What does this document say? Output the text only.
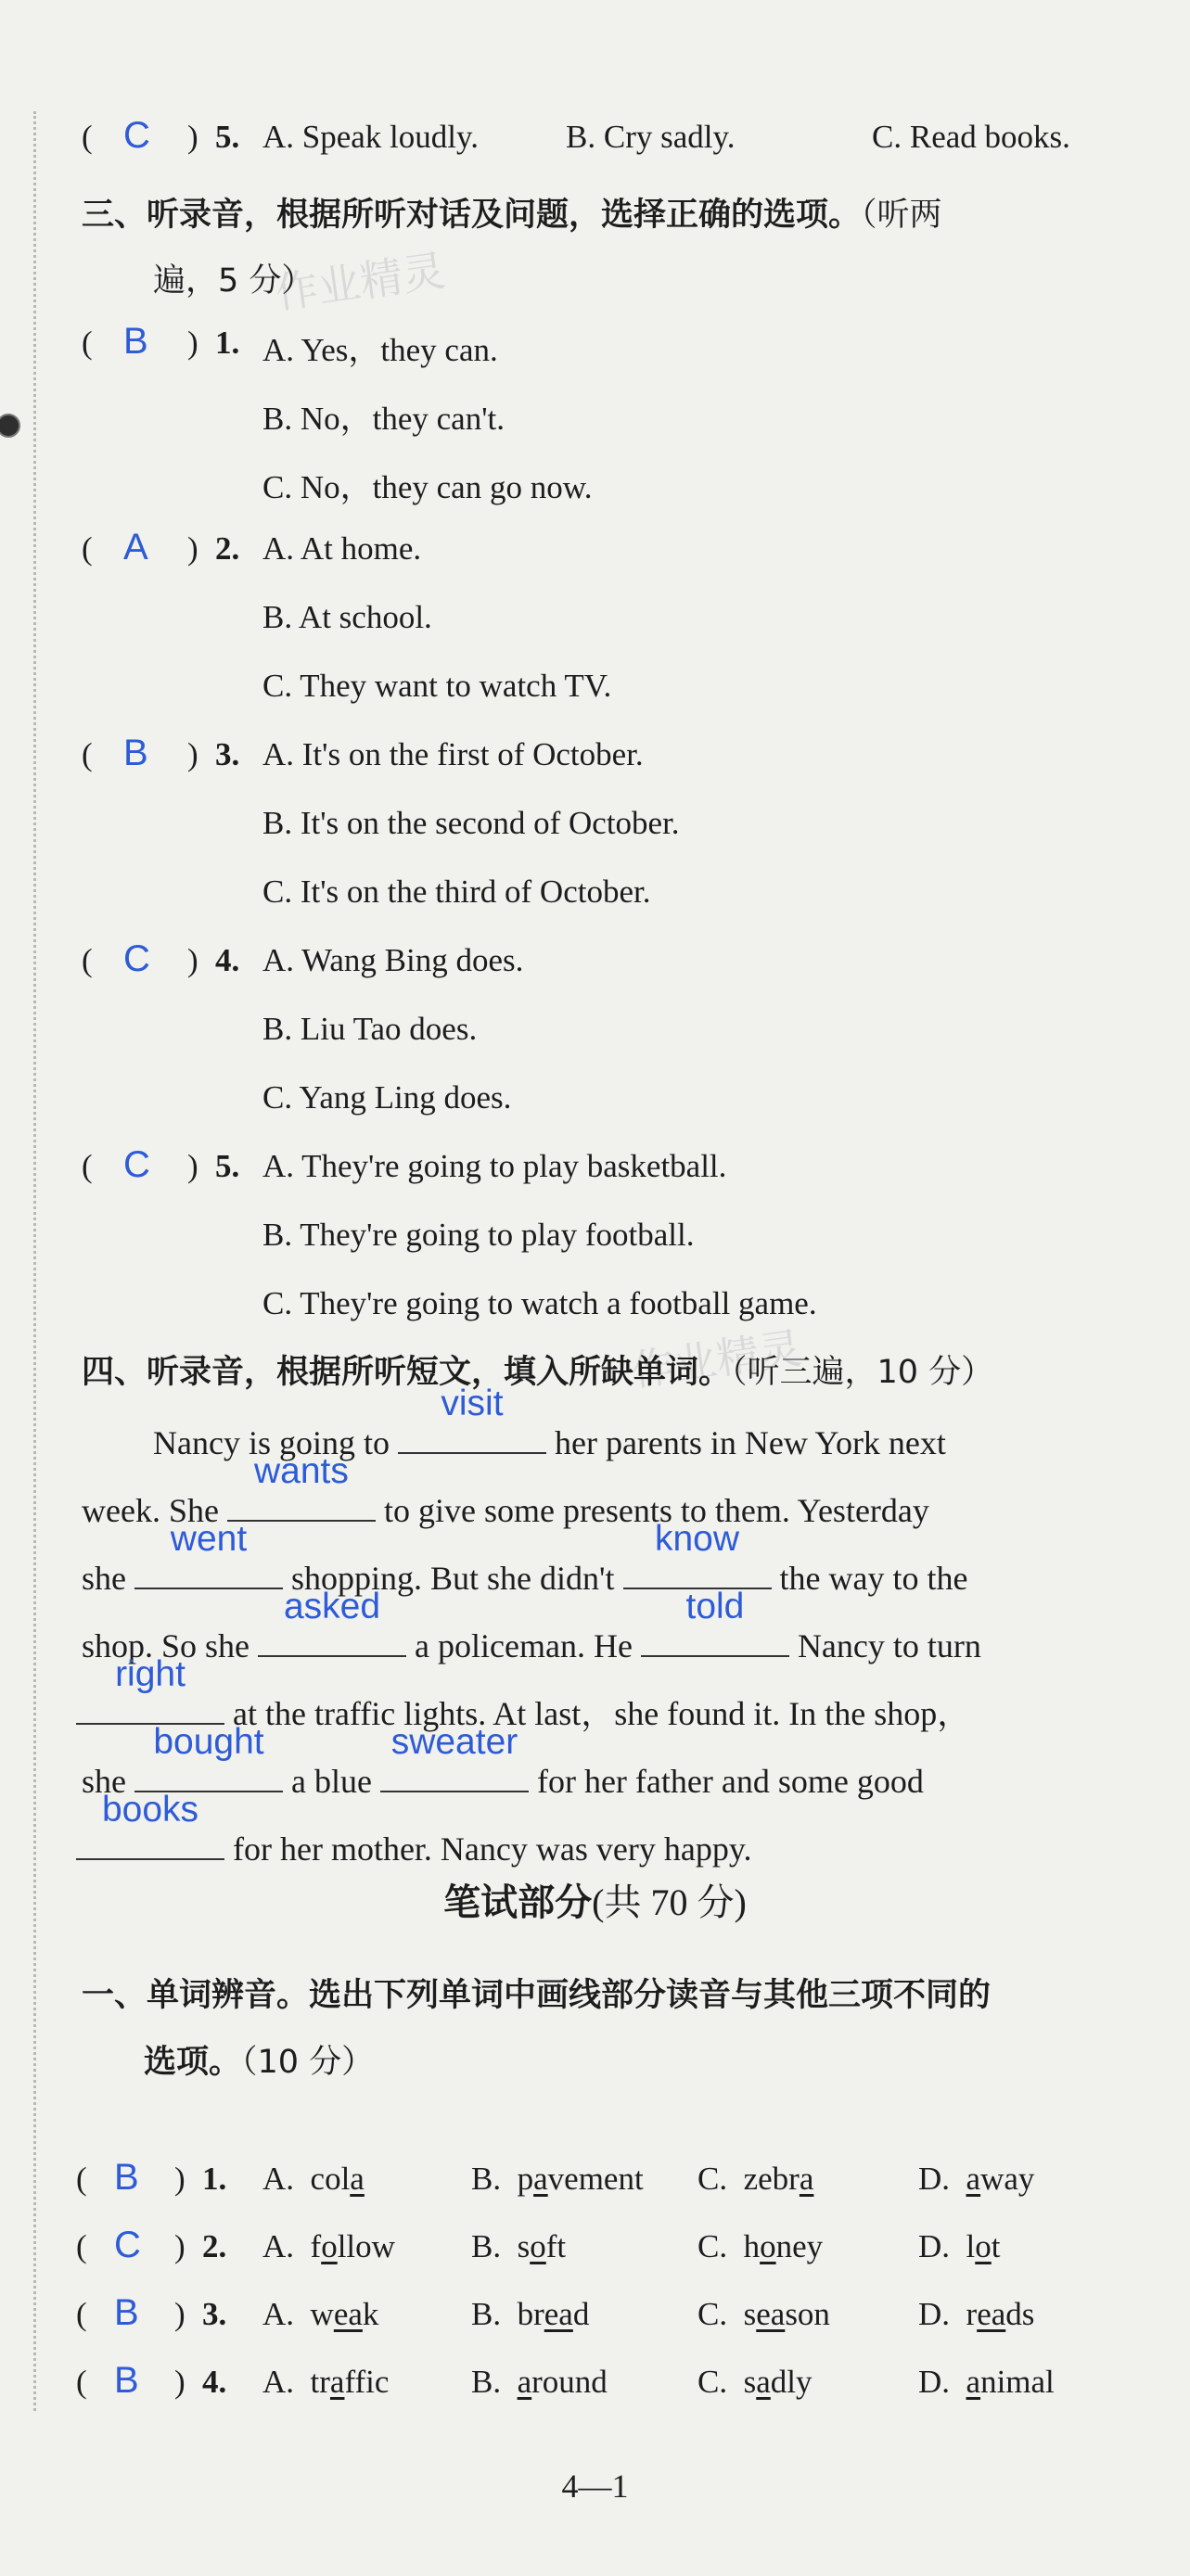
作业精灵
作业精灵
( C ) 5. A. Speak loudly.	B. Cry sadly.	C. Read books.
三、听录音，根据所听对话及问题，选择正确的选项。（听两
遍，5 分）
( B ) 1. A. Yes，they can.
B. No，they can't.
C. No，they can go now.
( A ) 2. A. At home.
B. At school.
C. They want to watch TV.
( B ) 3. A. It's on the first of October.
B. It's on the second of October.
C. It's on the third of October.
( C ) 4. A. Wang Bing does.
B. Liu Tao does.
C. Yang Ling does.
( C ) 5. A. They're going to play basketball.
B. They're going to play football.
C. They're going to watch a football game.
四、听录音，根据所听短文，填入所缺单词。（听三遍，10 分）
Nancy is going to
visit
her parents in New York next
week. She
wants
to give some presents to them. Yesterday
she
went
shopping. But she didn't
know
the way to the
shop. So she
asked
a policeman. He
told
Nancy to turn
right
at the traffic lights. At last，she found it. In the shop，
she
bought
a blue
sweater
for her father and some good
books
for her mother. Nancy was very happy.
笔试部分(共 70 分)
一、单词辨音。选出下列单词中画线部分读音与其他三项不同的
选项。（10 分）
( B ) 1. A.  cola	B.  pavement C.  zebra	D.  away
( C ) 2. A.  follow B.  soft	C.  honey	D.  lot
( B ) 3. A.  weak	B.  bread	C.  season	D.  reads
( B ) 4. A.  traffic	B.  around	C.  sadly	D.  animal
4—1
